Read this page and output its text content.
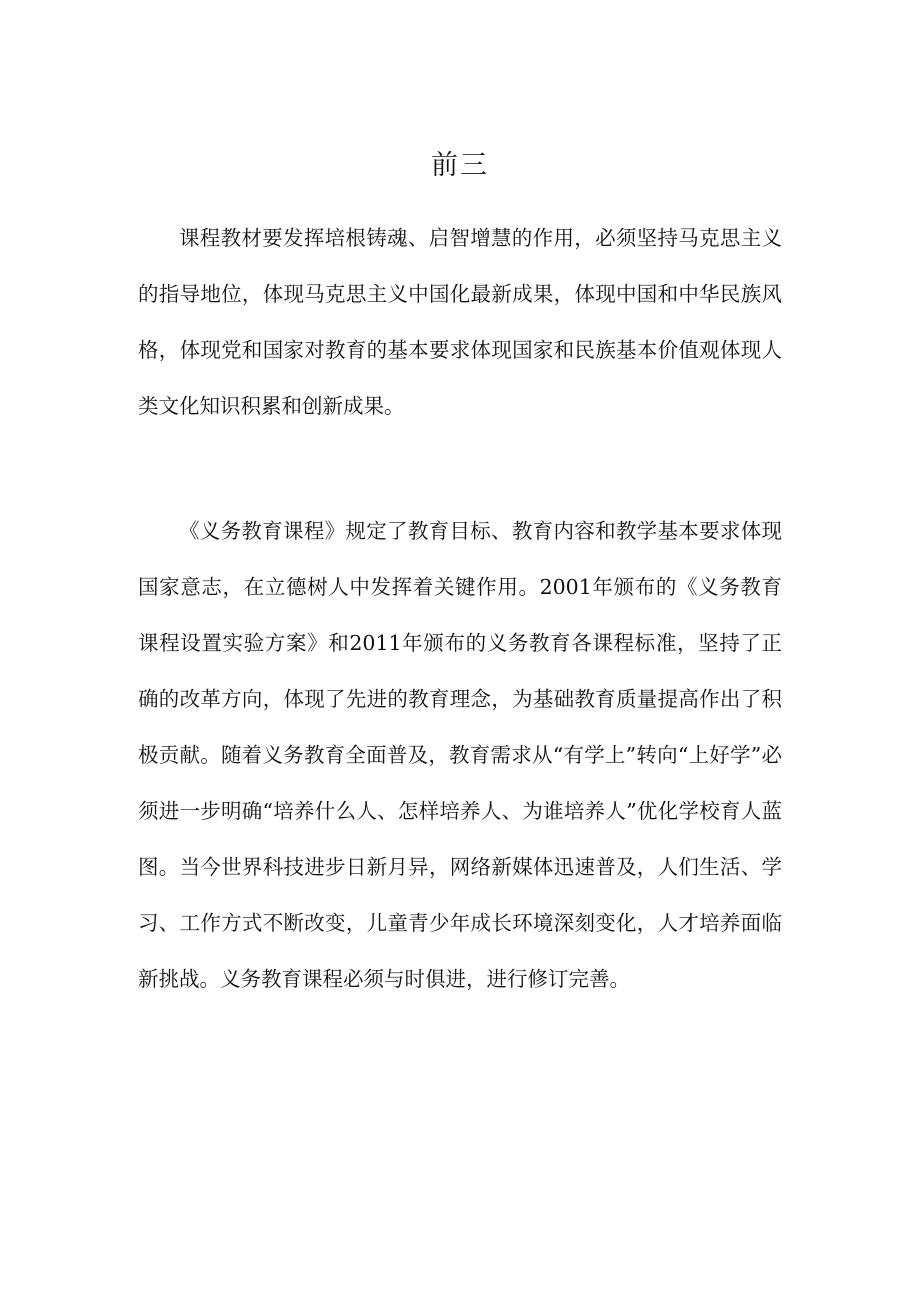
前三

课程教材要发挥培根铸魂、启智增慧的作用，必须坚持马克思主义的指导地位，体现马克思主义中国化最新成果，体现中国和中华民族风格，体现党和国家对教育的基本要求体现国家和民族基本价值观体现人类文化知识积累和创新成果。

《义务教育课程》规定了教育目标、教育内容和教学基本要求体现国家意志，在立德树人中发挥着关键作用。2001年颁布的《义务教育课程设置实验方案》和2011年颁布的义务教育各课程标准，坚持了正确的改革方向，体现了先进的教育理念，为基础教育质量提高作出了积极贡献。随着义务教育全面普及，教育需求从“有学上”转向“上好学”必须进一步明确“培养什么人、怎样培养人、为谁培养人”优化学校育人蓝图。当今世界科技进步日新月异，网络新媒体迅速普及，人们生活、学习、工作方式不断改变，儿童青少年成长环境深刻变化，人才培养面临新挑战。义务教育课程必须与时俱进，进行修订完善。
